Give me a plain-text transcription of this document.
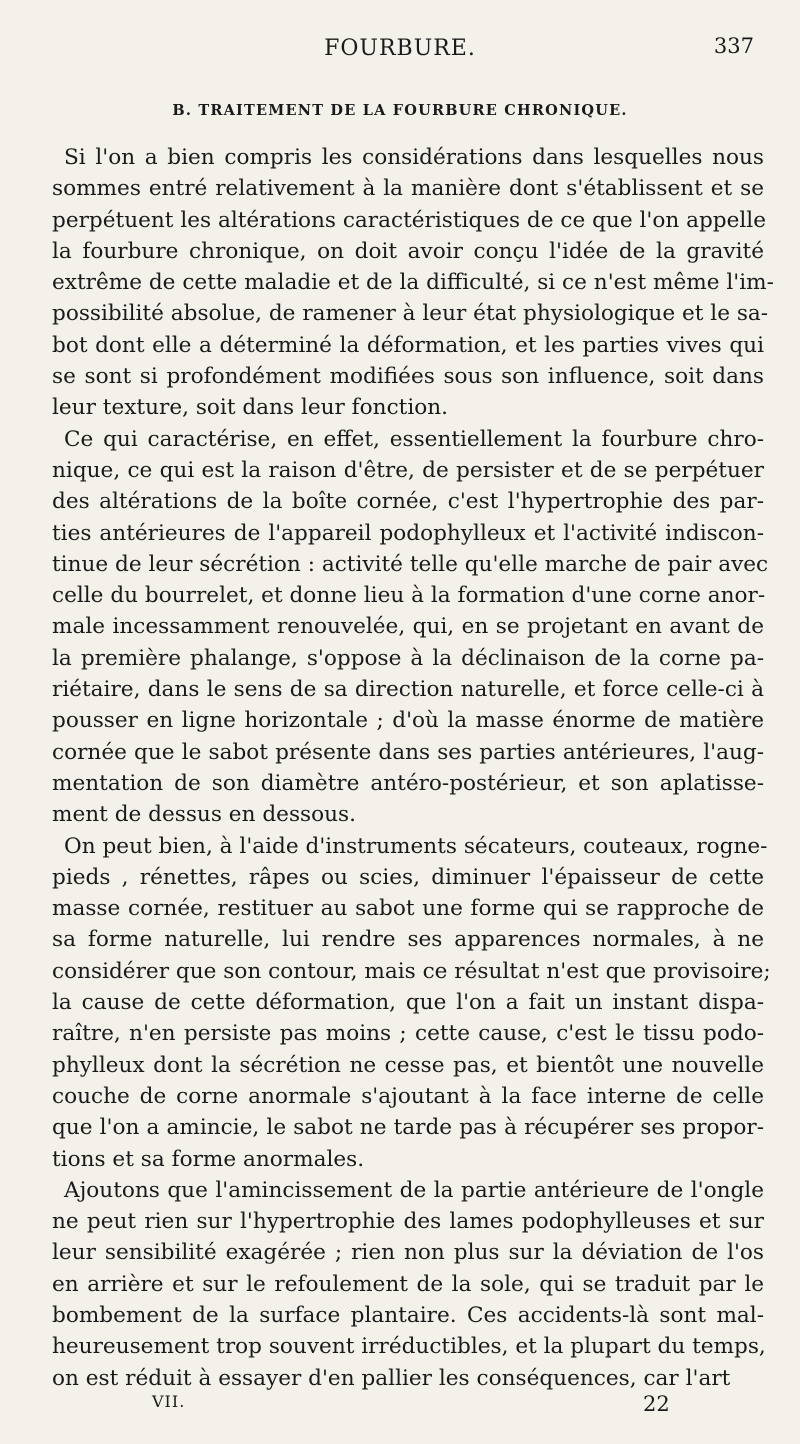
FOURBURE.	337
B. TRAITEMENT DE LA FOURBURE CHRONIQUE.
Si l'on a bien compris les considérations dans lesquelles nous
sommes entré relativement à la manière dont s'établissent et se
perpétuent les altérations caractéristiques de ce que l'on appelle
la fourbure chronique, on doit avoir conçu l'idée de la gravité
extrême de cette maladie et de la difficulté, si ce n'est même l'im-
possibilité absolue, de ramener à leur état physiologique et le sa-
bot dont elle a déterminé la déformation, et les parties vives qui
se sont si profondément modifiées sous son influence, soit dans
leur texture, soit dans leur fonction.
Ce qui caractérise, en effet, essentiellement la fourbure chro-
nique, ce qui est la raison d'être, de persister et de se perpétuer
des altérations de la boîte cornée, c'est l'hypertrophie des par-
ties antérieures de l'appareil podophylleux et l'activité indiscon-
tinue de leur sécrétion : activité telle qu'elle marche de pair avec
celle du bourrelet, et donne lieu à la formation d'une corne anor-
male incessamment renouvelée, qui, en se projetant en avant de
la première phalange, s'oppose à la déclinaison de la corne pa-
riétaire, dans le sens de sa direction naturelle, et force celle-ci à
pousser en ligne horizontale ; d'où la masse énorme de matière
cornée que le sabot présente dans ses parties antérieures, l'aug-
mentation de son diamètre antéro-postérieur, et son aplatisse-
ment de dessus en dessous.
On peut bien, à l'aide d'instruments sécateurs, couteaux, rogne-
pieds , rénettes, râpes ou scies, diminuer l'épaisseur de cette
masse cornée, restituer au sabot une forme qui se rapproche de
sa forme naturelle, lui rendre ses apparences normales, à ne
considérer que son contour, mais ce résultat n'est que provisoire;
la cause de cette déformation, que l'on a fait un instant dispa-
raître, n'en persiste pas moins ; cette cause, c'est le tissu podo-
phylleux dont la sécrétion ne cesse pas, et bientôt une nouvelle
couche de corne anormale s'ajoutant à la face interne de celle
que l'on a amincie, le sabot ne tarde pas à récupérer ses propor-
tions et sa forme anormales.
Ajoutons que l'amincissement de la partie antérieure de l'ongle
ne peut rien sur l'hypertrophie des lames podophylleuses et sur
leur sensibilité exagérée ; rien non plus sur la déviation de l'os
en arrière et sur le refoulement de la sole, qui se traduit par le
bombement de la surface plantaire. Ces accidents-là sont mal-
heureusement trop souvent irréductibles, et la plupart du temps,
on est réduit à essayer d'en pallier les conséquences, car l'art
VII.	22
